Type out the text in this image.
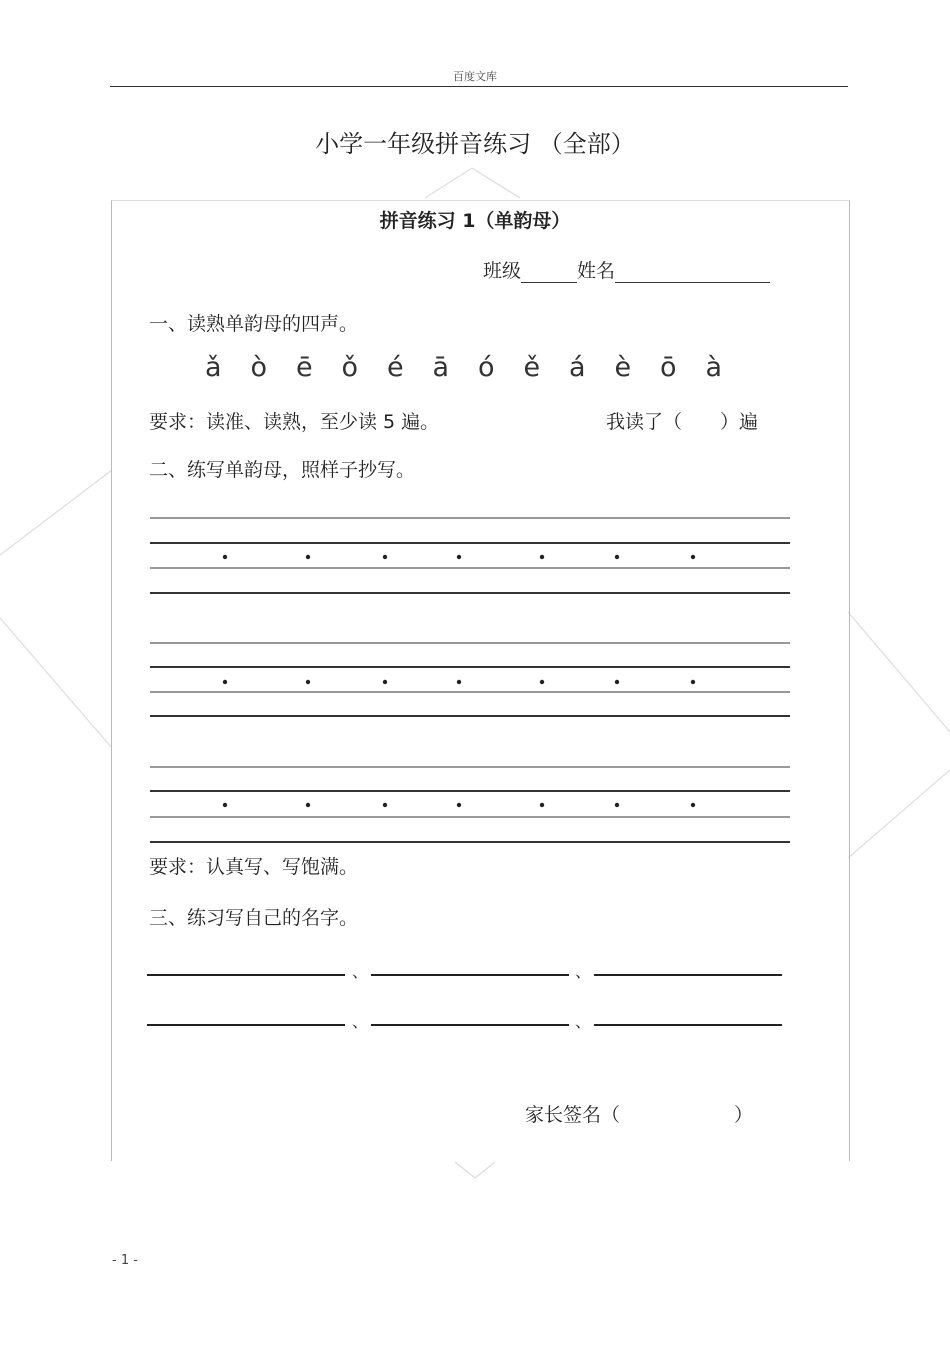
百度文库
小学一年级拼音练习 （全部）
拼音练习 1（单韵母）
班级	姓名
一、读熟单韵母的四声。
ǎ	ò	ē	ǒ	é	ā	ó	ě	á	è	ō	à
要求：读准、读熟，至少读 5 遍。	我读了（　　）遍
二、练写单韵母，照样子抄写。
要求：认真写、写饱满。
三、练习写自己的名字。
、	、
、	、
家长签名（　　　　　　）
- 1 -
